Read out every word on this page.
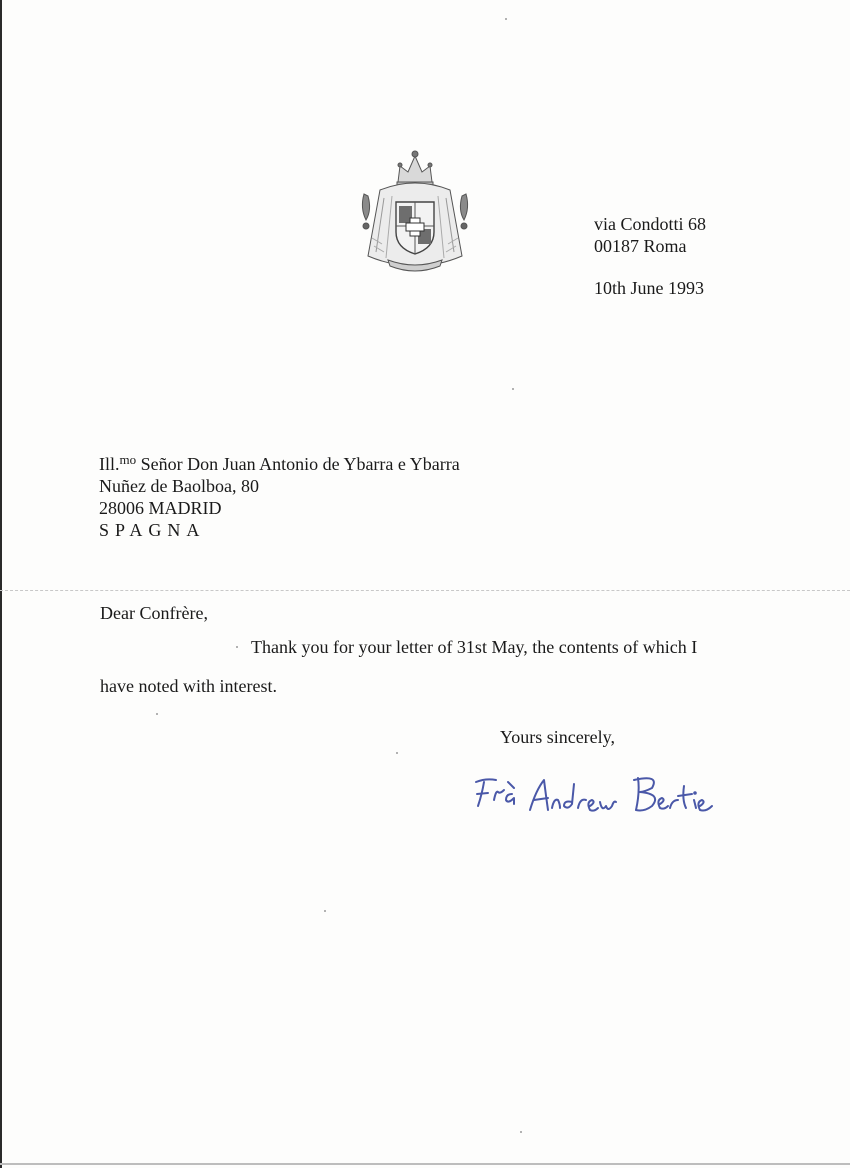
via Condotti 68
00187 Roma
10th June 1993
Ill.$^{mo}$ Señor Don Juan Antonio de Ybarra e Ybarra
Nuñez de Baolboa, 80
28006 MADRID
SPAGNA
Dear Confrère,
Thank you for your letter of 31st May, the contents of which I
have noted with interest.
Yours sincerely,
